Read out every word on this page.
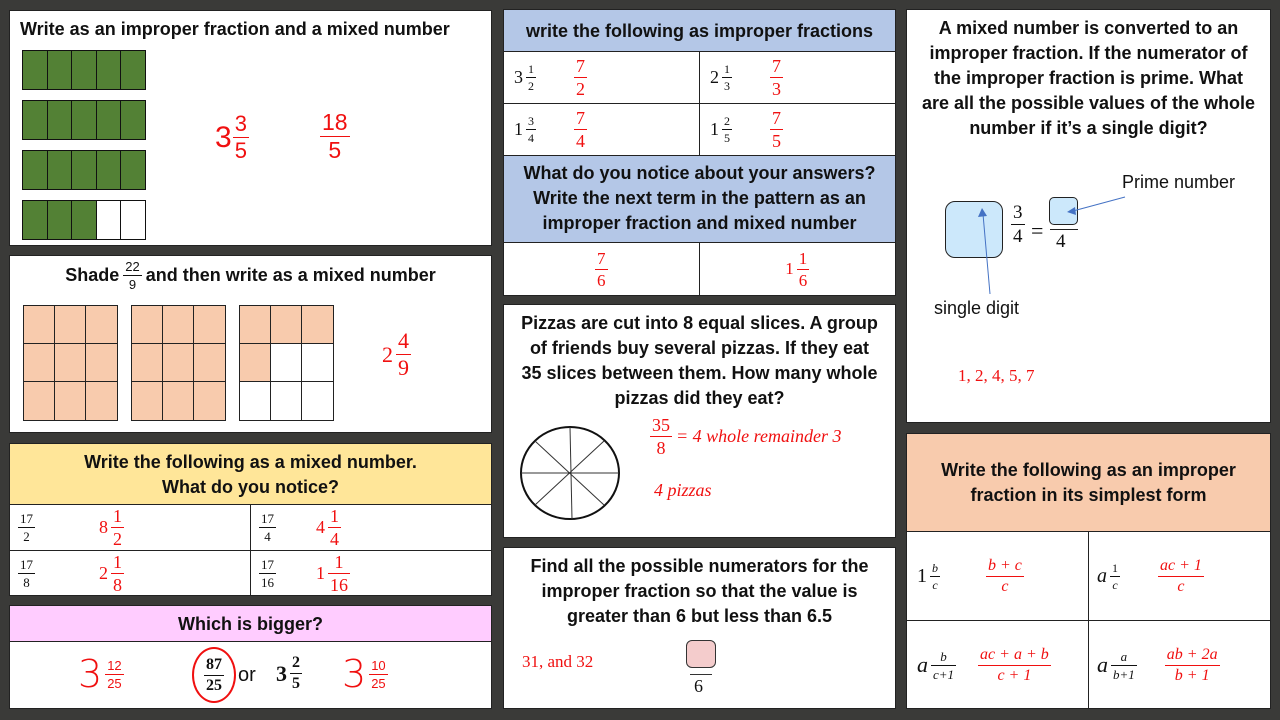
Write as an improper fraction and a mixed number
$3 \frac{3}{5}$	$\frac{18}{5}$
Shade $\frac{22}{9}$ and then write as a mixed number
$2 \frac{4}{9}$
Write the following as a mixed number.
What do you notice?
$\frac{17}{2} 8 \frac{1}{2}$	$\frac{17}{4} 4 \frac{1}{4}$

$\frac{17}{8} 2 \frac{1}{8}$	$\frac{17}{16} 1 \frac{1}{16}$
Which is bigger?
$3 \frac{12}{25}$	$\frac{87}{25}$ or $3 \frac{2}{5} 3 \frac{10}{25}$
write the following as improper fractions
$3 \frac{1}{2} \frac{7}{2}$	$2 \frac{1}{3} \frac{7}{3}$

$1 \frac{3}{4} \frac{7}{4}$	$1 \frac{2}{5} \frac{7}{5}$
What do you notice about your answers?
Write the next term in the pattern as an
improper fraction and mixed number
$\frac{7}{6}$	$1 \frac{1}{6}$
Pizzas are cut into 8 equal slices. A group
of friends buy several pizzas. If they eat
35 slices between them. How many whole
pizzas did they eat?
$\frac{35}{8} = 4$ whole remainder 3
4 pizzas
Find all the possible numerators for the
improper fraction so that the value is
greater than 6 but less than 6.5
31, and 32
6
A mixed number is converted to an
improper fraction. If the numerator of
the improper fraction is prime. What
are all the possible values of the whole
number if it’s a single digit?
Prime number
single digit
3
4 = 4
1, 2, 4, 5, 7
Write the following as an improper
fraction in its simplest form
$1 \frac{b}{c} \frac{b + c}{c}$	a $\frac{1}{c} \frac{ac + 1}{c}$

a $\frac{b}{c+1} \frac{ac + a + b}{c + 1}$	a $\frac{a}{b+1} \frac{ab + 2a}{b + 1}$
